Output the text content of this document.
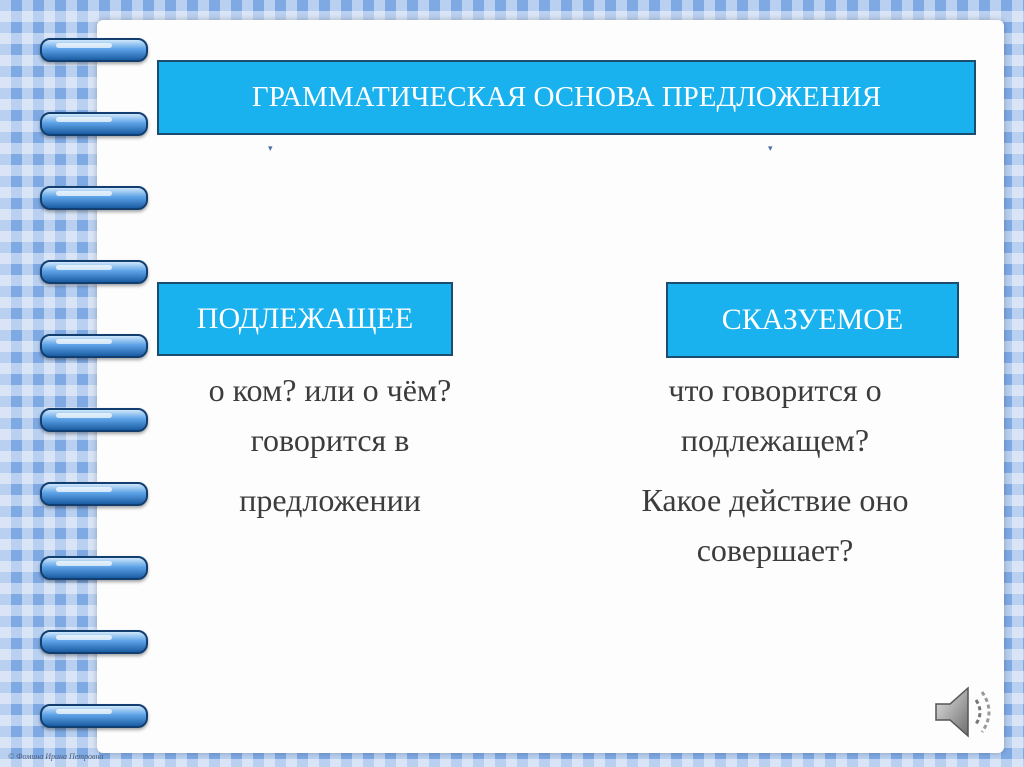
ГРАММАТИЧЕСКАЯ ОСНОВА ПРЕДЛОЖЕНИЯ
▾	▾
ПОДЛЕЖАЩЕЕ	СКАЗУЕМОЕ
о ком? или о чём?
говорится в
предложении
что говорится о
подлежащем?
Какое действие оно
совершает?
© Фомина Ирина Петровна
